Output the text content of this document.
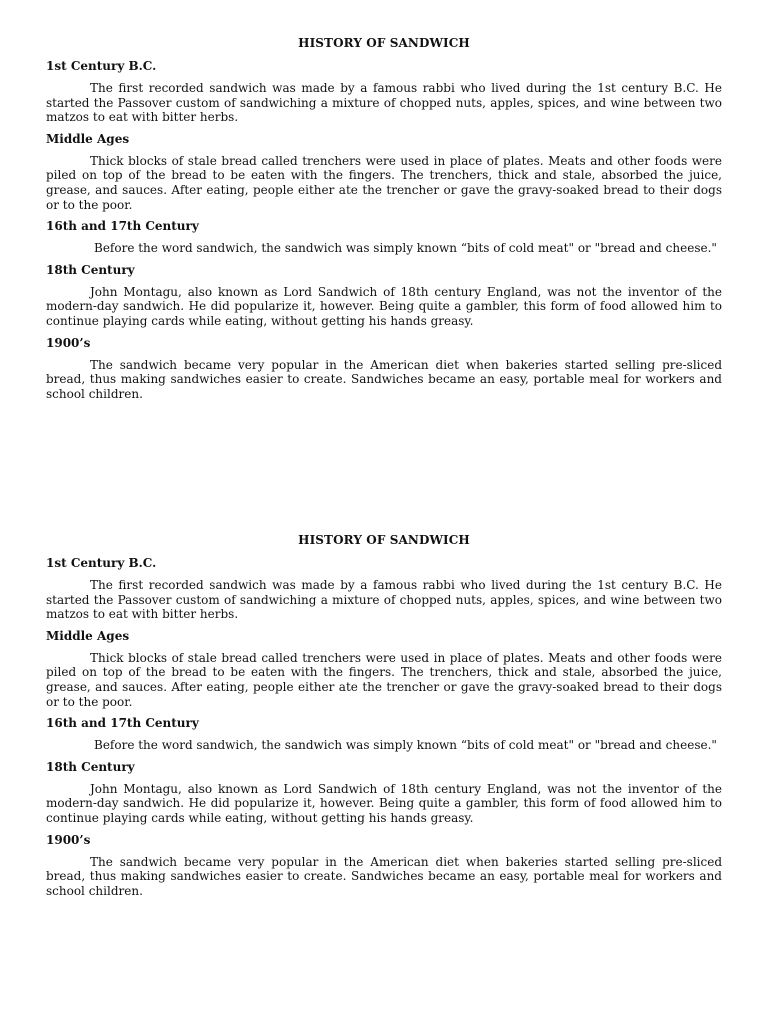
HISTORY OF SANDWICH
1st Century B.C.

The first recorded sandwich was made by a famous rabbi who lived during the 1st century B.C. He started the Passover custom of sandwiching a mixture of chopped nuts, apples, spices, and wine between two matzos to eat with bitter herbs.

Middle Ages

Thick blocks of stale bread called trenchers were used in place of plates. Meats and other foods were piled on top of the bread to be eaten with the fingers. The trenchers, thick and stale, absorbed the juice, grease, and sauces. After eating, people either ate the trencher or gave the gravy-soaked bread to their dogs or to the poor.

16th and 17th Century

Before the word sandwich, the sandwich was simply known “bits of cold meat" or "bread and cheese."

18th Century

John Montagu, also known as Lord Sandwich of 18th century England, was not the inventor of the modern-day sandwich. He did popularize it, however. Being quite a gambler, this form of food allowed him to continue playing cards while eating, without getting his hands greasy.

1900’s

The sandwich became very popular in the American diet when bakeries started selling pre-sliced bread, thus making sandwiches easier to create. Sandwiches became an easy, portable meal for workers and school children.

HISTORY OF SANDWICH
1st Century B.C.

The first recorded sandwich was made by a famous rabbi who lived during the 1st century B.C. He started the Passover custom of sandwiching a mixture of chopped nuts, apples, spices, and wine between two matzos to eat with bitter herbs.

Middle Ages

Thick blocks of stale bread called trenchers were used in place of plates. Meats and other foods were piled on top of the bread to be eaten with the fingers. The trenchers, thick and stale, absorbed the juice, grease, and sauces. After eating, people either ate the trencher or gave the gravy-soaked bread to their dogs or to the poor.

16th and 17th Century

Before the word sandwich, the sandwich was simply known “bits of cold meat" or "bread and cheese."

18th Century

John Montagu, also known as Lord Sandwich of 18th century England, was not the inventor of the modern-day sandwich. He did popularize it, however. Being quite a gambler, this form of food allowed him to continue playing cards while eating, without getting his hands greasy.

1900’s

The sandwich became very popular in the American diet when bakeries started selling pre-sliced bread, thus making sandwiches easier to create. Sandwiches became an easy, portable meal for workers and school children.
